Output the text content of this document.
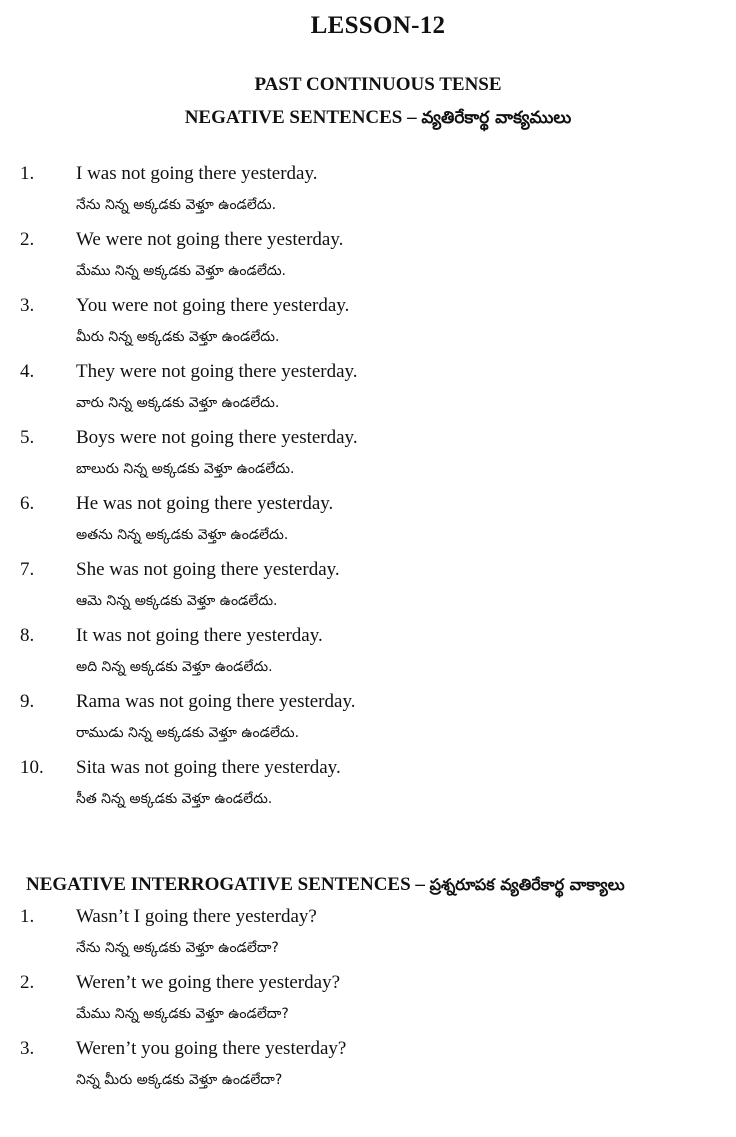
LESSON-12
PAST CONTINUOUS TENSE
NEGATIVE SENTENCES – వ్యతిరేకార్థ వాక్యములు
1. I was not going there yesterday.
నేను నిన్న అక్కడకు వెళ్తూ ఉండలేదు.
2. We were not going there yesterday.
మేము నిన్న అక్కడకు వెళ్తూ ఉండలేదు.
3. You were not going there yesterday.
మీరు నిన్న అక్కడకు వెళ్తూ ఉండలేదు.
4. They were not going there yesterday.
వారు నిన్న అక్కడకు వెళ్తూ ఉండలేదు.
5. Boys were not going there yesterday.
బాలురు నిన్న అక్కడకు వెళ్తూ ఉండలేదు.
6. He was not going there yesterday.
అతను నిన్న అక్కడకు వెళ్తూ ఉండలేదు.
7. She was not going there yesterday.
ఆమె నిన్న అక్కడకు వెళ్తూ ఉండలేదు.
8. It was not going there yesterday.
అది నిన్న అక్కడకు వెళ్తూ ఉండలేదు.
9. Rama was not going there yesterday.
రాముడు నిన్న అక్కడకు వెళ్తూ ఉండలేదు.
10. Sita was not going there yesterday.
సీత నిన్న అక్కడకు వెళ్తూ ఉండలేదు.
NEGATIVE INTERROGATIVE SENTENCES – ప్రశ్నరూపక వ్యతిరేకార్థ వాక్యాలు
1. Wasn’t I going there yesterday?
నేను నిన్న అక్కడకు వెళ్తూ ఉండలేదా?
2. Weren’t we going there yesterday?
మేము నిన్న అక్కడకు వెళ్తూ ఉండలేదా?
3. Weren’t you going there yesterday?
నిన్న మీరు అక్కడకు వెళ్తూ ఉండలేదా?
